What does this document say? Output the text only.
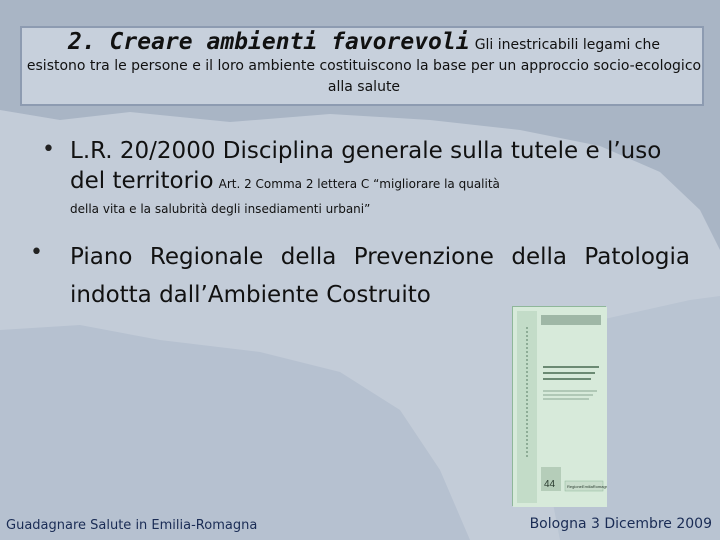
2. Creare ambienti favorevoli Gli inestricabili legami che
esistono tra le persone e il loro ambiente costituiscono la base per un approccio socio-ecologico alla salute
• L.R. 20/2000 Disciplina generale sulla tutele e l’uso del territorio Art. 2 Comma 2 lettera C “migliorare la qualità
della vita e la salubrità degli insediamenti urbani”
• Piano Regionale della Prevenzione della Patologia indotta dall’Ambiente Costruito
44	RegioneEmiliaRomagna
Guadagnare Salute in Emilia-Romagna	Bologna 3 Dicembre 2009
